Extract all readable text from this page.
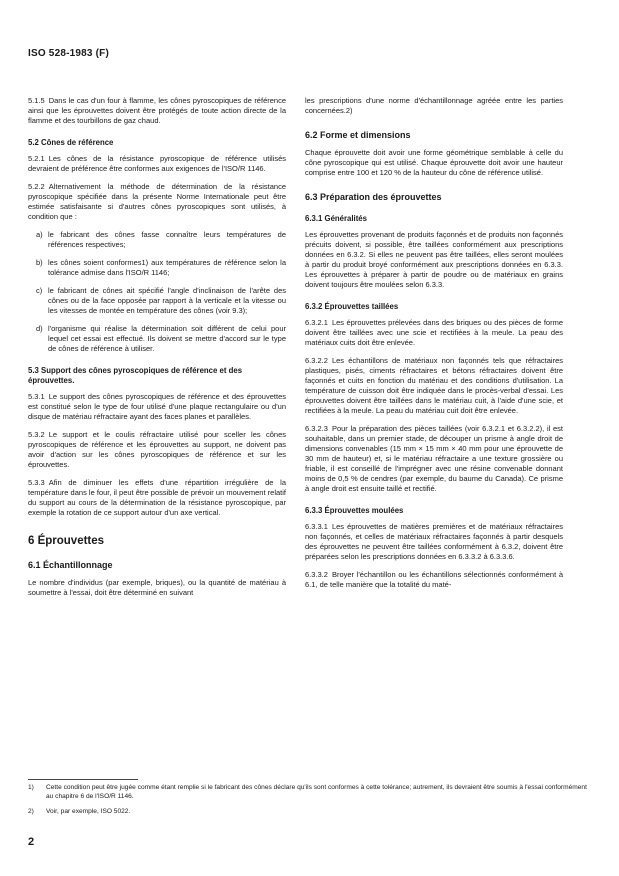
ISO 528-1983 (F)

5.1.5 Dans le cas d'un four à flamme, les cônes pyroscopiques de référence ainsi que les éprouvettes doivent être protégés de toute action directe de la flamme et des tourbillons de gaz chaud.

5.2 Cônes de référence

5.2.1 Les cônes de la résistance pyroscopique de référence utilisés devraient de préférence être conformes aux exigences de l'ISO/R 1146.

5.2.2 Alternativement la méthode de détermination de la résistance pyroscopique spécifiée dans la présente Norme Internationale peut être estimée satisfaisante si d'autres cônes pyroscopiques sont utilisés, à condition que :

a) le fabricant des cônes fasse connaître leurs températures de références respectives;
b) les cônes soient conformes1) aux températures de référence selon la tolérance admise dans l'ISO/R 1146;
c) le fabricant de cônes ait spécifié l'angle d'inclinaison de l'arête des cônes ou de la face opposée par rapport à la verticale et la vitesse ou les vitesses de montée en température des cônes (voir 9.3);
d) l'organisme qui réalise la détermination soit différent de celui pour lequel cet essai est effectué. Ils doivent se mettre d'accord sur le type de cônes de référence à utiliser.
5.3 Support des cônes pyroscopiques de référence et des éprouvettes.

5.3.1 Le support des cônes pyroscopiques de référence et des éprouvettes est constitué selon le type de four utilisé d'une plaque rectangulaire ou d'un disque de matériau réfractaire ayant des faces planes et parallèles.

5.3.2 Le support et le coulis réfractaire utilisé pour sceller les cônes pyroscopiques de référence et les éprouvettes au support, ne doivent pas avoir d'action sur les cônes pyroscopiques de référence et sur les éprouvettes.

5.3.3 Afin de diminuer les effets d'une répartition irrégulière de la température dans le four, il peut être possible de prévoir un mouvement relatif du support au cours de la détermination de la résistance pyroscopique, par exemple la rotation de ce support autour d'un axe vertical.

6 Éprouvettes
6.1 Échantillonnage

Le nombre d'individus (par exemple, briques), ou la quantité de matériau à soumettre à l'essai, doit être déterminé en suivant

les prescriptions d'une norme d'échantillonnage agréée entre les parties concernées.2)

6.2 Forme et dimensions

Chaque éprouvette doit avoir une forme géométrique semblable à celle du cône pyroscopique qui est utilisé. Chaque éprouvette doit avoir une hauteur comprise entre 100 et 120 % de la hauteur du cône de référence utilisé.

6.3 Préparation des éprouvettes
6.3.1 Généralités

Les éprouvettes provenant de produits façonnés et de produits non façonnés précuits doivent, si possible, être taillées conformément aux prescriptions données en 6.3.2. Si elles ne peuvent pas être taillées, elles seront moulées à partir du produit broyé conformément aux prescriptions données en 6.3.3. Les éprouvettes à préparer à partir de poudre ou de matériaux en grains doivent toujours être moulées selon 6.3.3.

6.3.2 Éprouvettes taillées

6.3.2.1 Les éprouvettes prélevées dans des briques ou des pièces de forme doivent être taillées avec une scie et rectifiées à la meule. La peau des matériaux cuits doit être enlevée.

6.3.2.2 Les échantillons de matériaux non façonnés tels que réfractaires plastiques, pisés, ciments réfractaires et bétons réfractaires doivent être façonnés et cuits en fonction du matériau et des conditions d'utilisation. La température de cuisson doit être indiquée dans le procès-verbal d'essai. Les éprouvettes doivent être taillées dans le matériau cuit, à l'aide d'une scie, et rectifiées à la meule. La peau du matériau cuit doit être enlevée.

6.3.2.3 Pour la préparation des pièces taillées (voir 6.3.2.1 et 6.3.2.2), il est souhaitable, dans un premier stade, de découper un prisme à angle droit de dimensions convenables (15 mm × 15 mm × 40 mm pour une éprouvette de 30 mm de hauteur) et, si le matériau réfractaire a une texture grossière ou friable, il est conseillé de l'imprégner avec une résine convenable donnant moins de 0,5 % de cendres (par exemple, du baume du Canada). Ce prisme à angle droit est ensuite taillé et rectifié.

6.3.3 Éprouvettes moulées

6.3.3.1 Les éprouvettes de matières premières et de matériaux réfractaires non façonnés, et celles de matériaux réfractaires façonnés à partir desquels des éprouvettes ne peuvent être taillées conformément à 6.3.2, doivent être préparées selon les prescriptions données en 6.3.3.2 à 6.3.3.6.

6.3.3.2 Broyer l'échantillon ou les échantillons sélectionnés conformément à 6.1, de telle manière que la totalité du maté-

1)	Cette condition peut être jugée comme étant remplie si le fabricant des cônes déclare qu'ils sont conformes à cette tolérance; autrement, ils devraient être soumis à l'essai conformément au chapitre 6 de l'ISO/R 1146.
2)	Voir, par exemple, ISO 5022.
2
